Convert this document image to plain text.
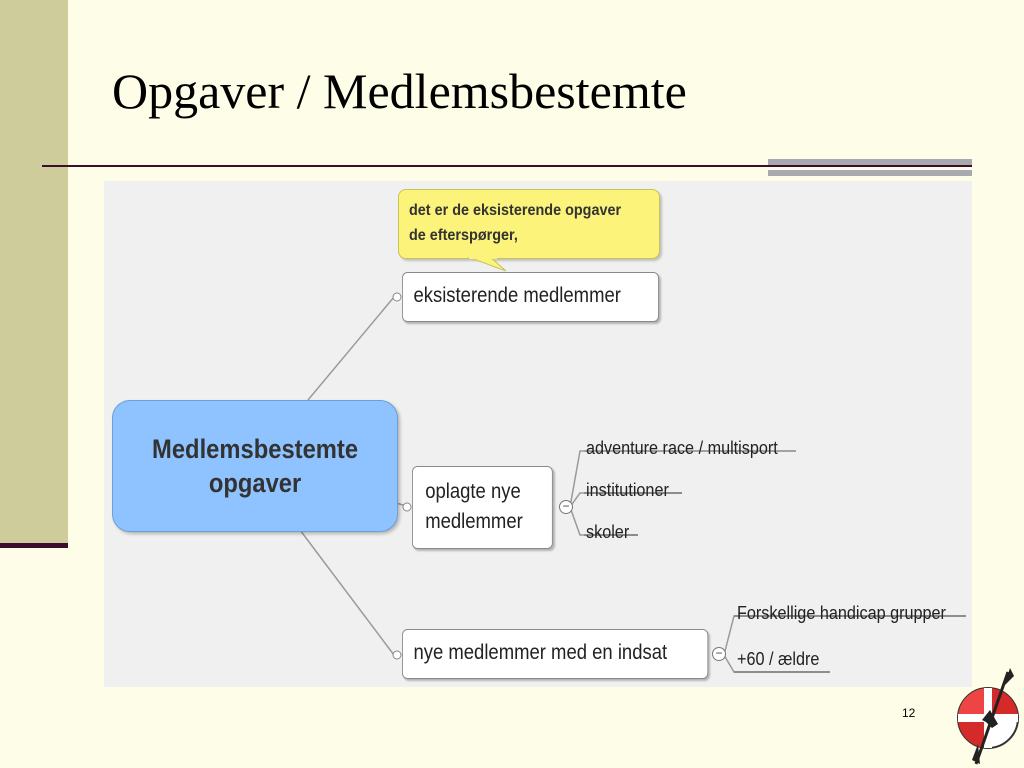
Opgaver / Medlemsbestemte
det er de eksisterende opgaver
de efterspørger,
Medlemsbestemte
opgaver
eksisterende medlemmer
oplagte nye
medlemmer
−
nye medlemmer med en indsat	−
adventure race / multisport
institutioner
skoler
Forskellige handicap grupper
+60 / ældre
12
